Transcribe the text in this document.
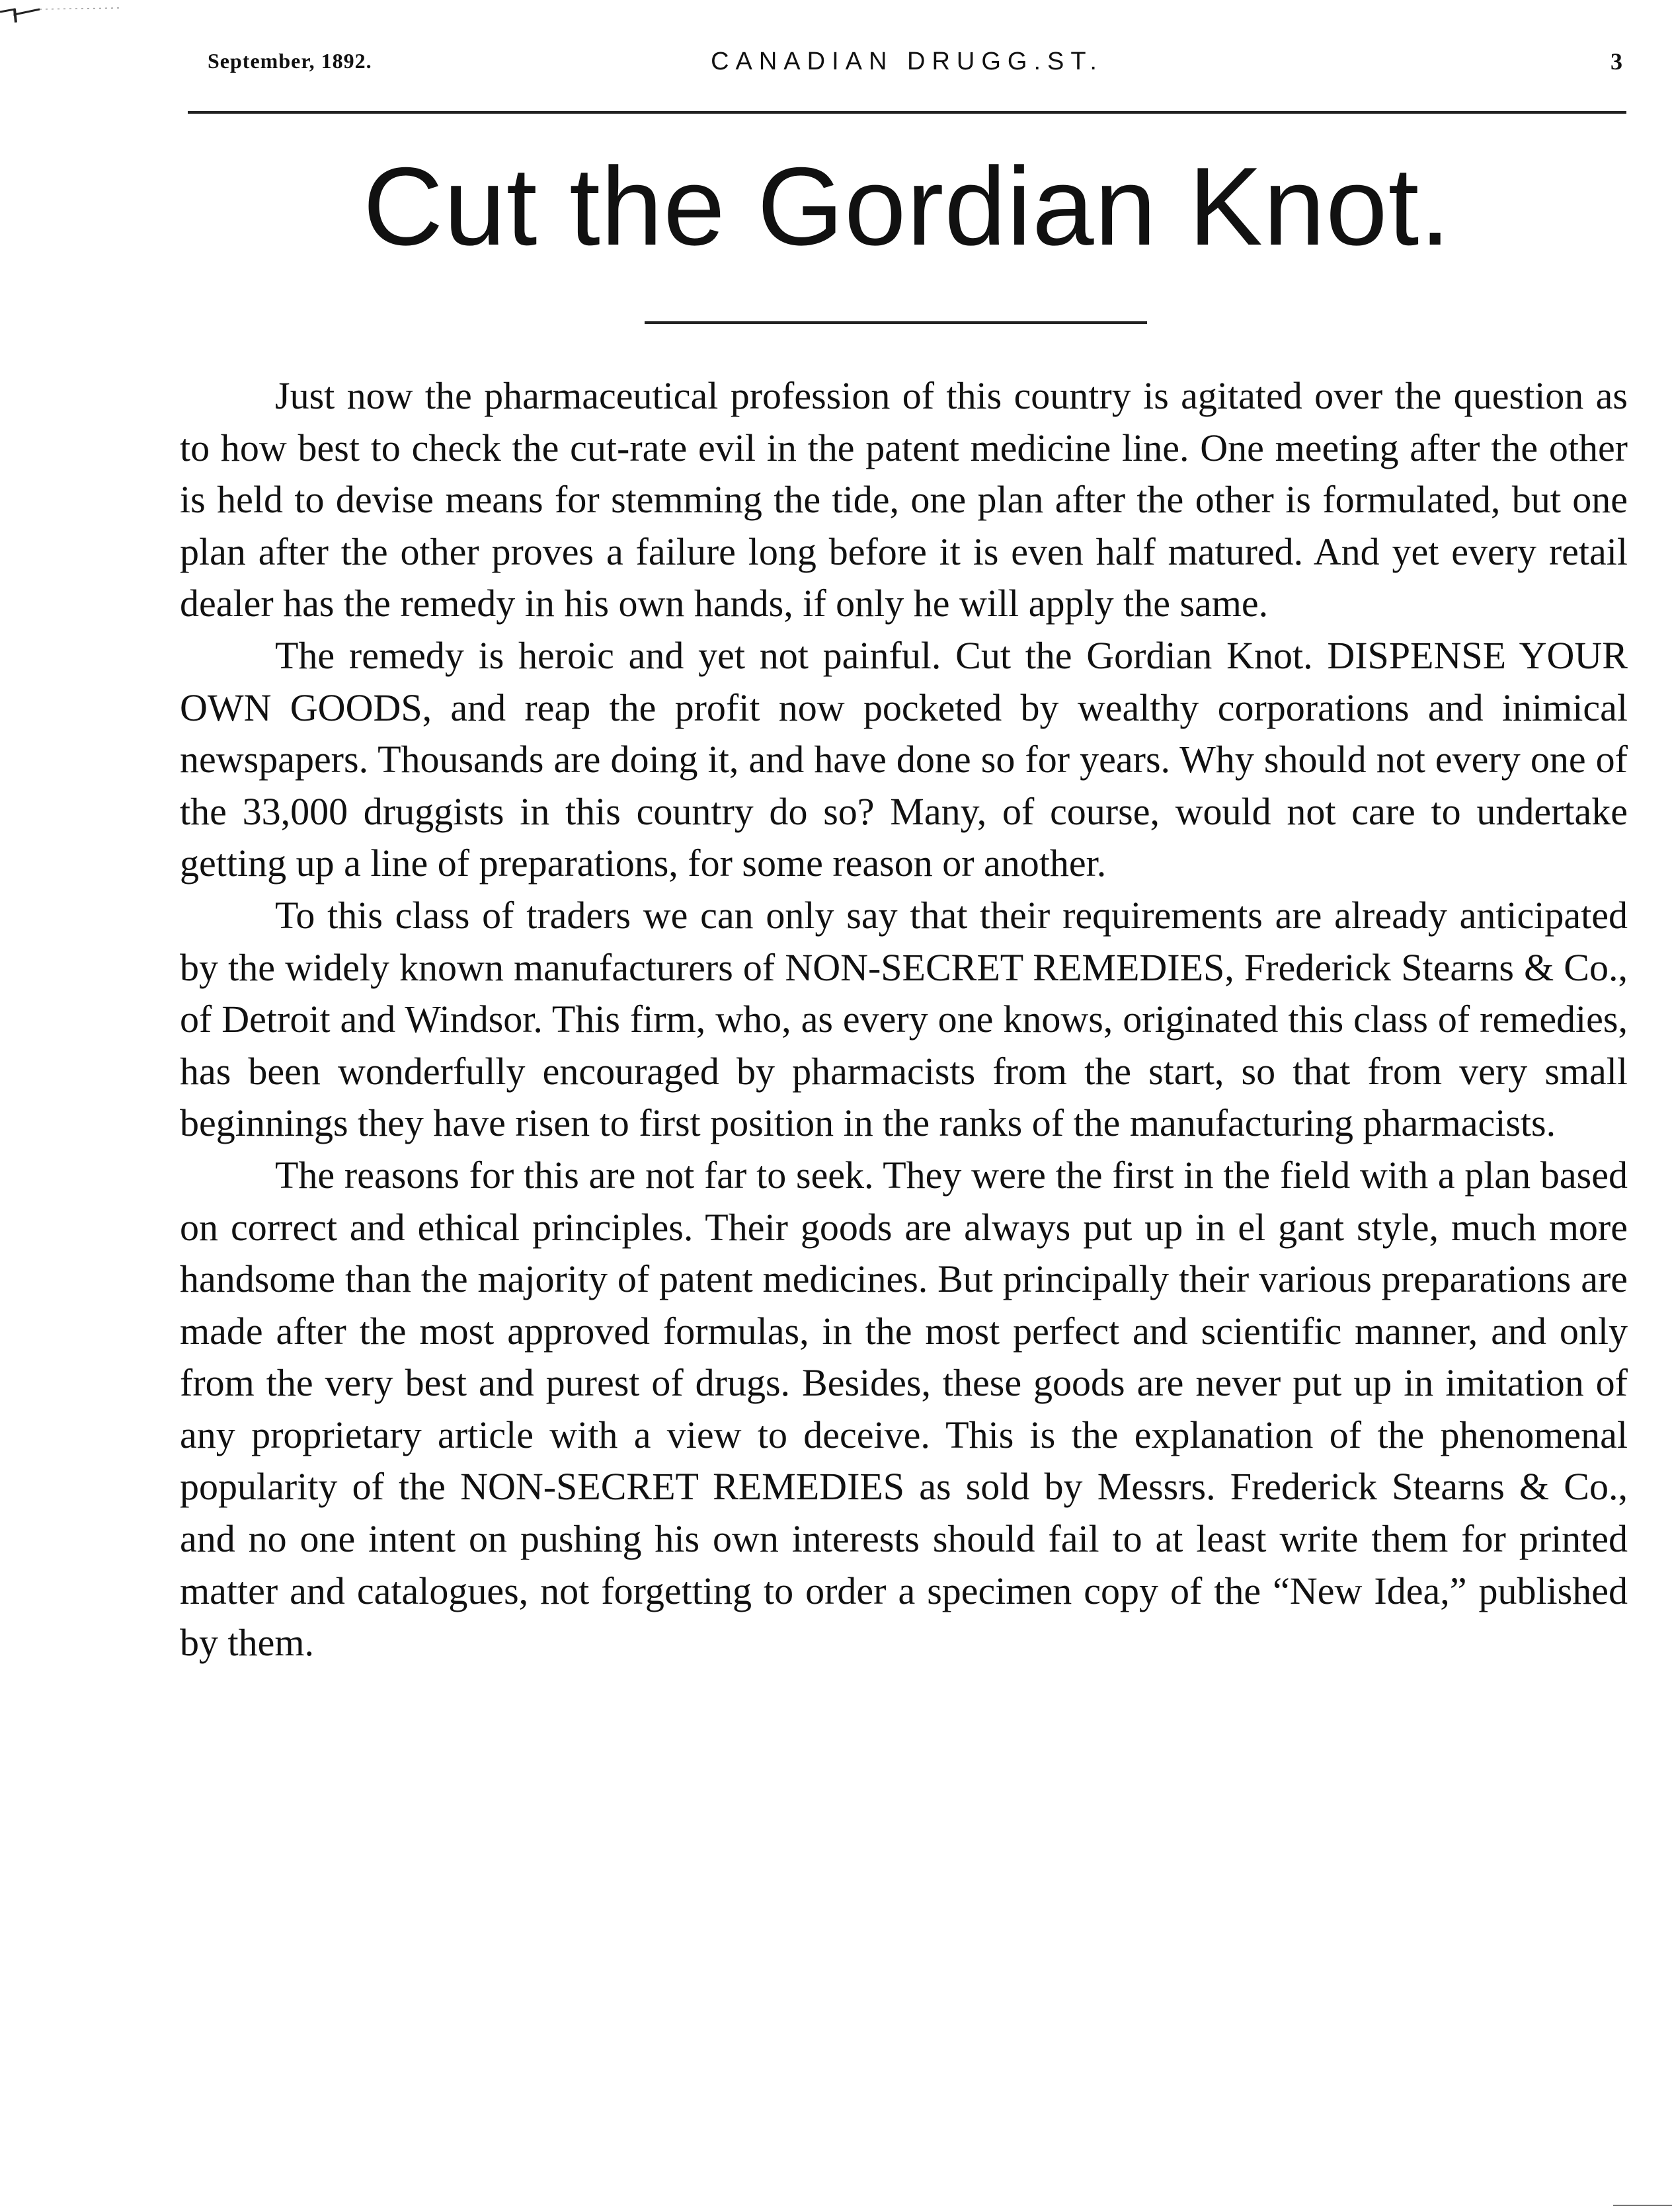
September, 1892.	CANADIAN DRUGG.ST.	3
Cut the Gordian Knot.

Just now the pharmaceutical profession of this country is agitated over the question as to how best to check the cut-rate evil in the patent medicine line. One meeting after the other is held to devise means for stemming the tide, one plan after the other is formulated, but one plan after the other proves a failure long before it is even half matured. And yet every retail dealer has the remedy in his own hands, if only he will apply the same.

The remedy is heroic and yet not painful. Cut the Gordian Knot. DISPENSE YOUR OWN GOODS, and reap the profit now pocketed by wealthy corporations and inimical newspapers. Thousands are doing it, and have done so for years. Why should not every one of the 33,000 druggists in this country do so? Many, of course, would not care to undertake getting up a line of preparations, for some reason or another.

To this class of traders we can only say that their requirements are already anticipated by the widely known manufacturers of NON-SECRET REMEDIES, Frederick Stearns & Co., of Detroit and Windsor. This firm, who, as every one knows, originated this class of remedies, has been wonderfully encouraged by pharmacists from the start, so that from very small beginnings they have risen to first position in the ranks of the manufacturing pharmacists.

The reasons for this are not far to seek. They were the first in the field with a plan based on correct and ethical principles. Their goods are always put up in el gant style, much more handsome than the majority of patent medicines. But principally their various preparations are made after the most approved formulas, in the most perfect and scientific manner, and only from the very best and purest of drugs. Besides, these goods are never put up in imitation of any proprietary article with a view to deceive. This is the explanation of the phenomenal popularity of the NON-SECRET REMEDIES as sold by Messrs. Frederick Stearns & Co., and no one intent on pushing his own interests should fail to at least write them for printed matter and catalogues, not forgetting to order a specimen copy of the “New Idea,” published by them.
